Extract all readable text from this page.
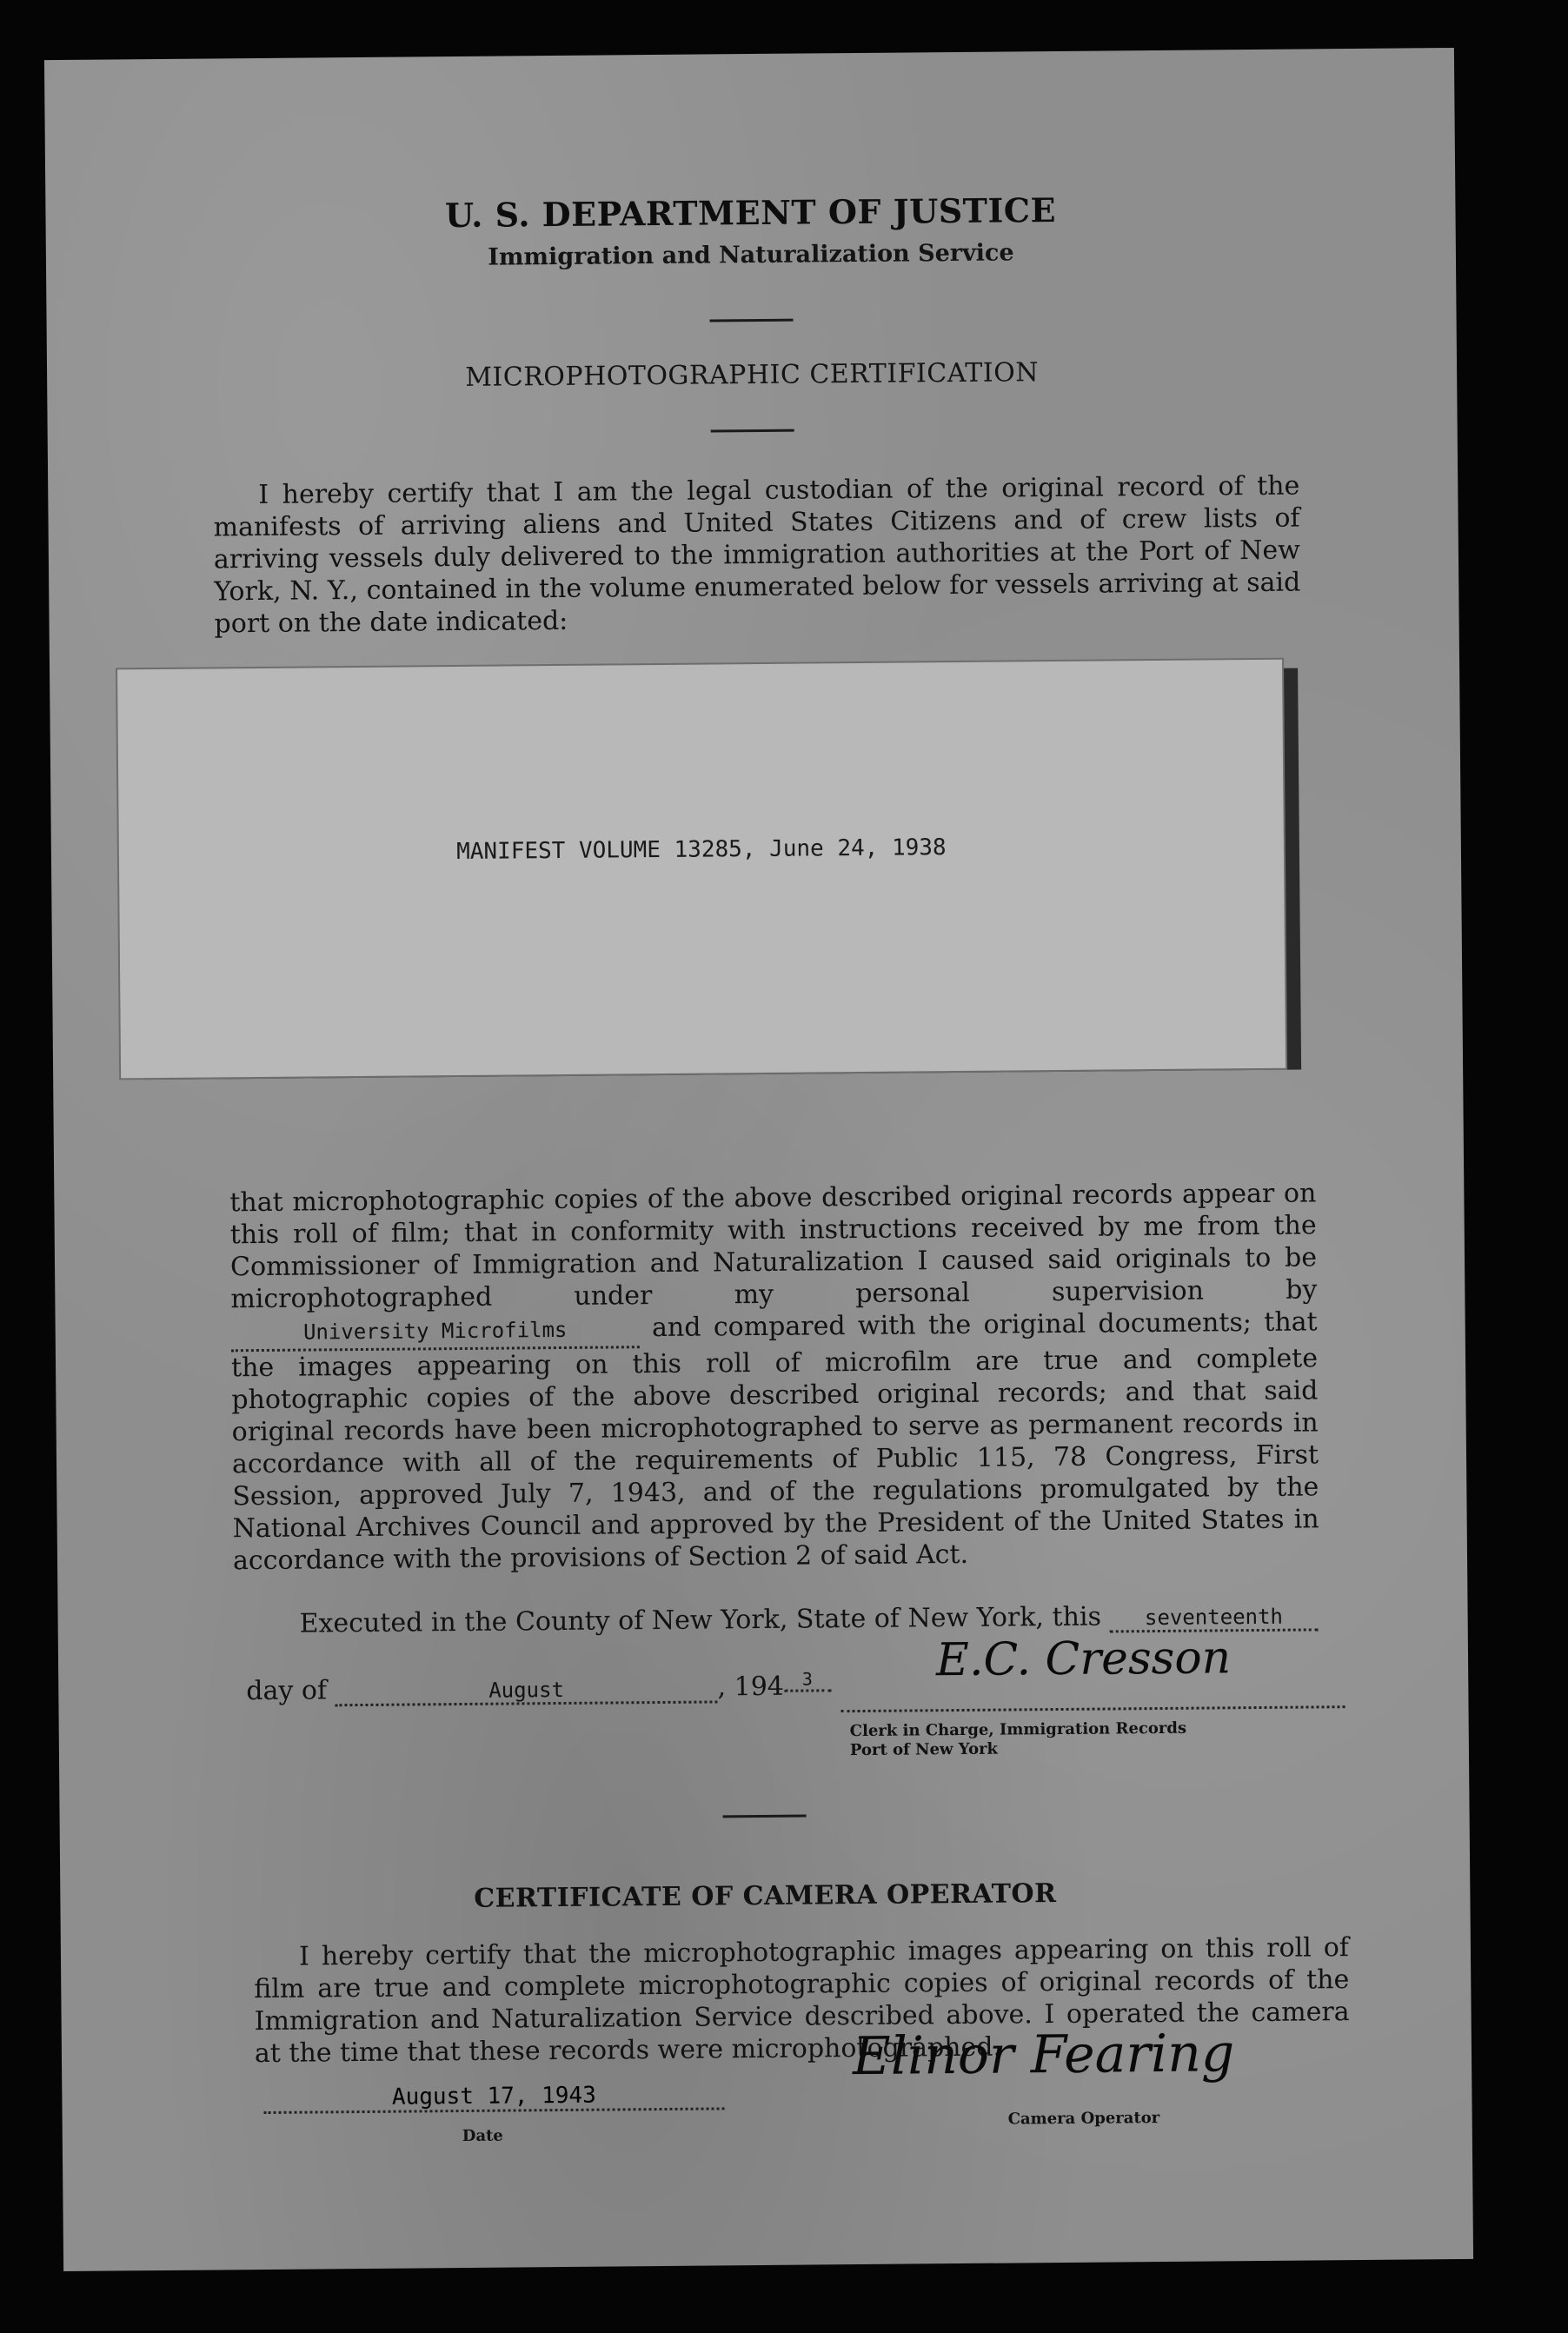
U. S. DEPARTMENT OF JUSTICE
Immigration and Naturalization Service
MICROPHOTOGRAPHIC CERTIFICATION
I hereby certify that I am the legal custodian of the original record of the manifests of arriving aliens and United States Citizens and of crew lists of arriving vessels duly delivered to the immigration authorities at the Port of New York, N. Y., contained in the volume enumerated below for vessels arriving at said port on the date indicated:
MANIFEST VOLUME 13285, June 24, 1938
that microphotographic copies of the above described original records appear on this roll of film; that in conformity with instructions received by me from the Commissioner of Immigration and Naturalization I caused said originals to be microphotographed under my personal supervision by University Microfilms	and compared with the original documents; that the images appearing on this roll of microfilm are true and complete photographic copies of the above described original records; and that said original records have been microphotographed to serve as permanent records in accordance with all of the requirements of Public 115, 78 Congress, First Session, approved July 7, 1943, and of the regulations promulgated by the National Archives Council and approved by the President of the United States in accordance with the provisions of Section 2 of said Act.
Executed in the County of New York, State of New York, this seventeenth
day of	August	, 194 3	E.C. Cresson
Clerk in Charge, Immigration Records
Port of New York
CERTIFICATE OF CAMERA OPERATOR
I hereby certify that the microphotographic images appearing on this roll of film are true and complete microphotographic copies of original records of the Immigration and Naturalization Service described above. I operated the camera at the time that these records were microphotographed.
August 17, 1943
Date
Elinor Fearing
Camera Operator
